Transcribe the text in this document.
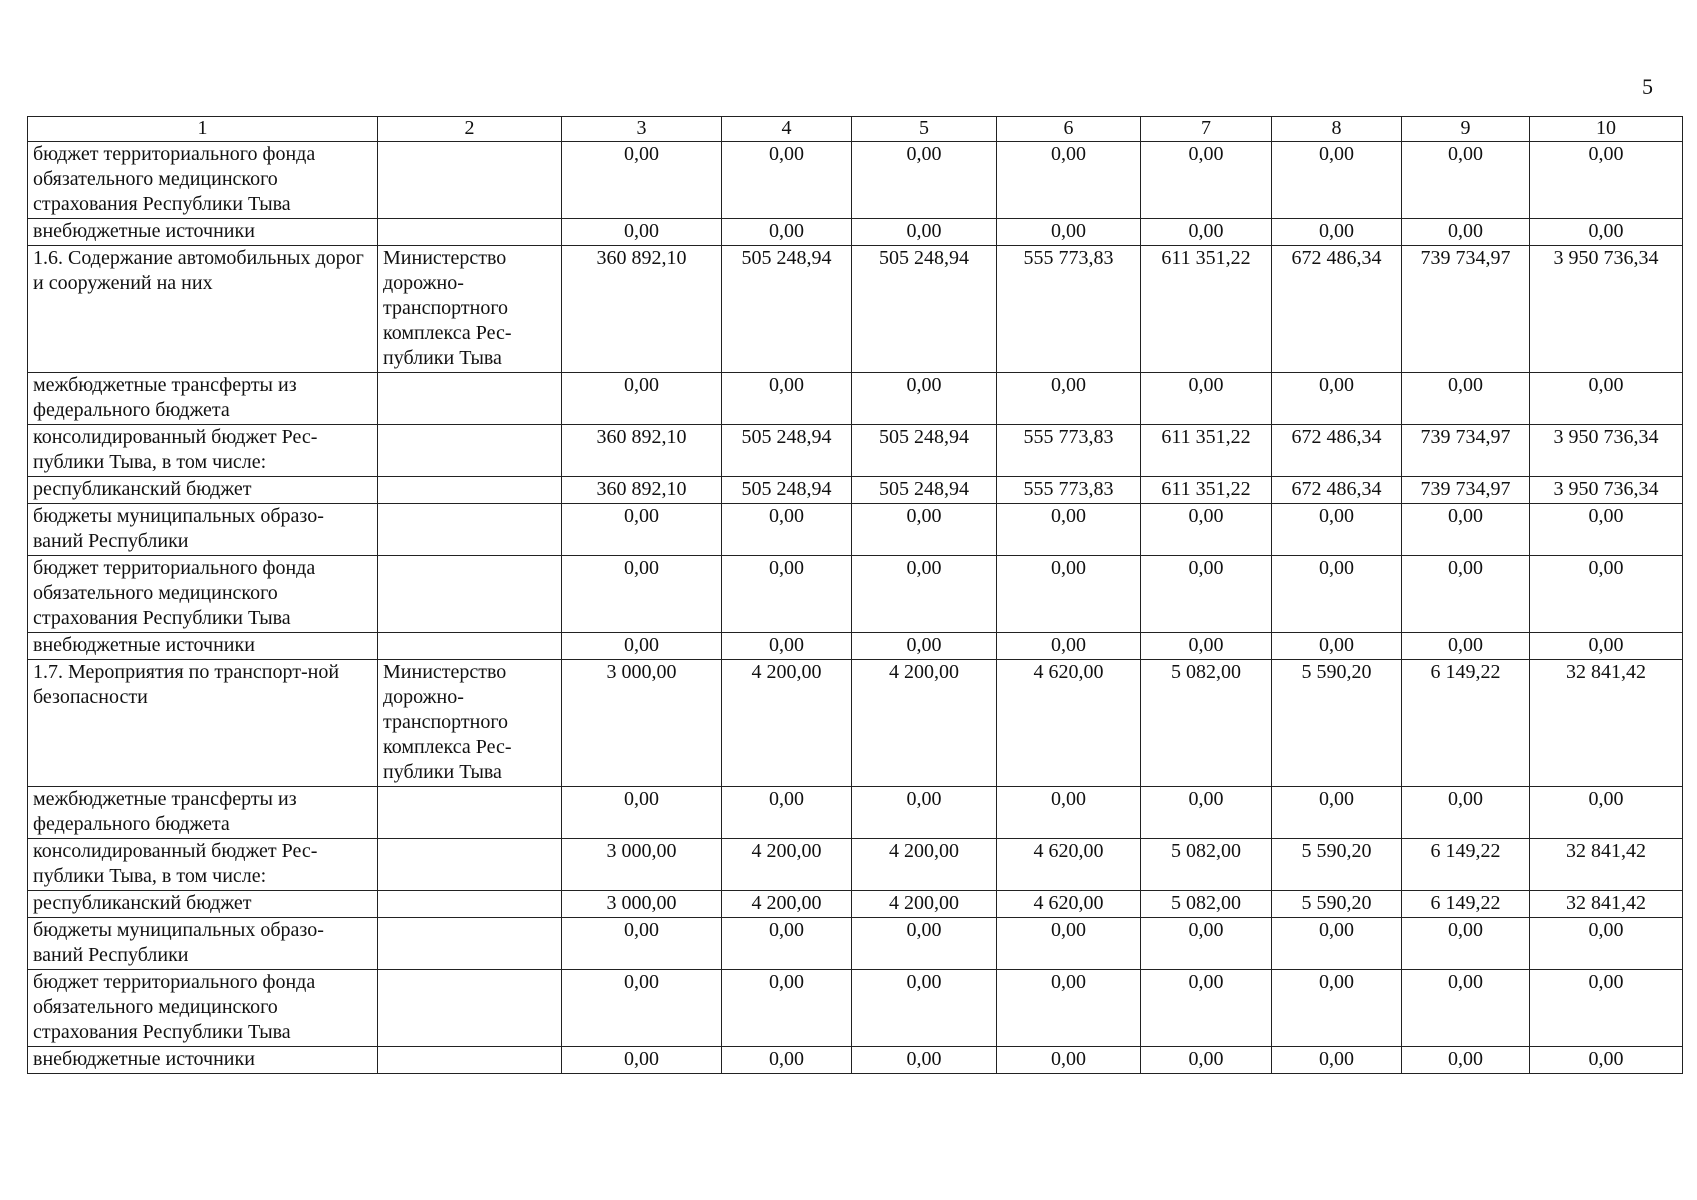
5
1	2	3	4	5	6	7	8	9	10
бюджет территориального фонда обязательного медицинского страхования Республики Тыва		0,00	0,00	0,00	0,00	0,00	0,00	0,00	0,00
внебюджетные источники		0,00	0,00	0,00	0,00	0,00	0,00	0,00	0,00
1.6. Содержание автомобильных дорог и сооружений на них	Министерство дорожно-транспортного комплекса Рес-публики Тыва	360 892,10	505 248,94	505 248,94	555 773,83	611 351,22	672 486,34	739 734,97	3 950 736,34
межбюджетные трансферты из федерального бюджета		0,00	0,00	0,00	0,00	0,00	0,00	0,00	0,00
консолидированный бюджет Рес-публики Тыва, в том числе:		360 892,10	505 248,94	505 248,94	555 773,83	611 351,22	672 486,34	739 734,97	3 950 736,34
республиканский бюджет		360 892,10	505 248,94	505 248,94	555 773,83	611 351,22	672 486,34	739 734,97	3 950 736,34
бюджеты муниципальных образо-ваний Республики		0,00	0,00	0,00	0,00	0,00	0,00	0,00	0,00
бюджет территориального фонда обязательного медицинского страхования Республики Тыва		0,00	0,00	0,00	0,00	0,00	0,00	0,00	0,00
внебюджетные источники		0,00	0,00	0,00	0,00	0,00	0,00	0,00	0,00
1.7. Мероприятия по транспорт-ной безопасности	Министерство дорожно-транспортного комплекса Рес-публики Тыва	3 000,00	4 200,00	4 200,00	4 620,00	5 082,00	5 590,20	6 149,22	32 841,42
межбюджетные трансферты из федерального бюджета		0,00	0,00	0,00	0,00	0,00	0,00	0,00	0,00
консолидированный бюджет Рес-публики Тыва, в том числе:		3 000,00	4 200,00	4 200,00	4 620,00	5 082,00	5 590,20	6 149,22	32 841,42
республиканский бюджет		3 000,00	4 200,00	4 200,00	4 620,00	5 082,00	5 590,20	6 149,22	32 841,42
бюджеты муниципальных образо-ваний Республики		0,00	0,00	0,00	0,00	0,00	0,00	0,00	0,00
бюджет территориального фонда обязательного медицинского страхования Республики Тыва		0,00	0,00	0,00	0,00	0,00	0,00	0,00	0,00
внебюджетные источники		0,00	0,00	0,00	0,00	0,00	0,00	0,00	0,00
